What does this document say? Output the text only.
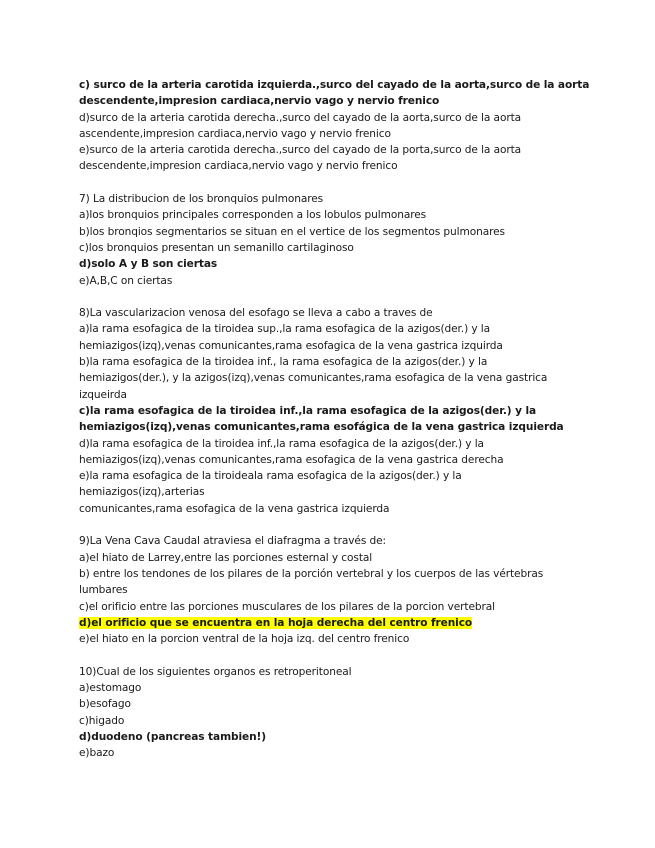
c) surco de la arteria carotida izquierda.,surco del cayado de la aorta,surco de la aorta
descendente,impresion cardiaca,nervio vago y nervio frenico
d)surco de la arteria carotida derecha.,surco del cayado de la aorta,surco de la aorta
ascendente,impresion cardiaca,nervio vago y nervio frenico
e)surco de la arteria carotida derecha.,surco del cayado de la porta,surco de la aorta
descendente,impresion cardiaca,nervio vago y nervio frenico
7) La distribucion de los bronquios pulmonares
a)los bronquios principales corresponden a los lobulos pulmonares
b)los bronqios segmentarios se situan en el vertice de los segmentos pulmonares
c)los bronquios presentan un semanillo cartilaginoso
d)solo A y B son ciertas
e)A,B,C on ciertas
8)La vascularizacion venosa del esofago se lleva a cabo a traves de
a)la rama esofagica de la tiroidea sup.,la rama esofagica de la azigos(der.) y la
hemiazigos(izq),venas comunicantes,rama esofagica de la vena gastrica izquirda
b)la rama esofagica de la tiroidea inf., la rama esofagica de la azigos(der.) y la
hemiazigos(der.), y la azigos(izq),venas comunicantes,rama esofagica de la vena gastrica
izqueirda
c)la rama esofagica de la tiroidea inf.,la rama esofagica de la azigos(der.) y la
hemiazigos(izq),venas comunicantes,rama esofágica de la vena gastrica izquierda
d)la rama esofagica de la tiroidea inf.,la rama esofagica de la azigos(der.) y la
hemiazigos(izq),venas comunicantes,rama esofagica de la vena gastrica derecha
e)la rama esofagica de la tiroideala rama esofagica de la azigos(der.) y la
hemiazigos(izq),arterias
comunicantes,rama esofagica de la vena gastrica izquierda
9)La Vena Cava Caudal atraviesa el diafragma a través de:
a)el hiato de Larrey,entre las porciones esternal y costal
b) entre los tendones de los pilares de la porción vertebral y los cuerpos de las vértebras
lumbares
c)el orificio entre las porciones musculares de los pilares de la porcion vertebral
d)el orificio que se encuentra en la hoja derecha del centro frenico
e)el hiato en la porcion ventral de la hoja izq. del centro frenico
10)Cual de los siguientes organos es retroperitoneal
a)estomago
b)esofago
c)higado
d)duodeno (pancreas tambien!)
e)bazo
